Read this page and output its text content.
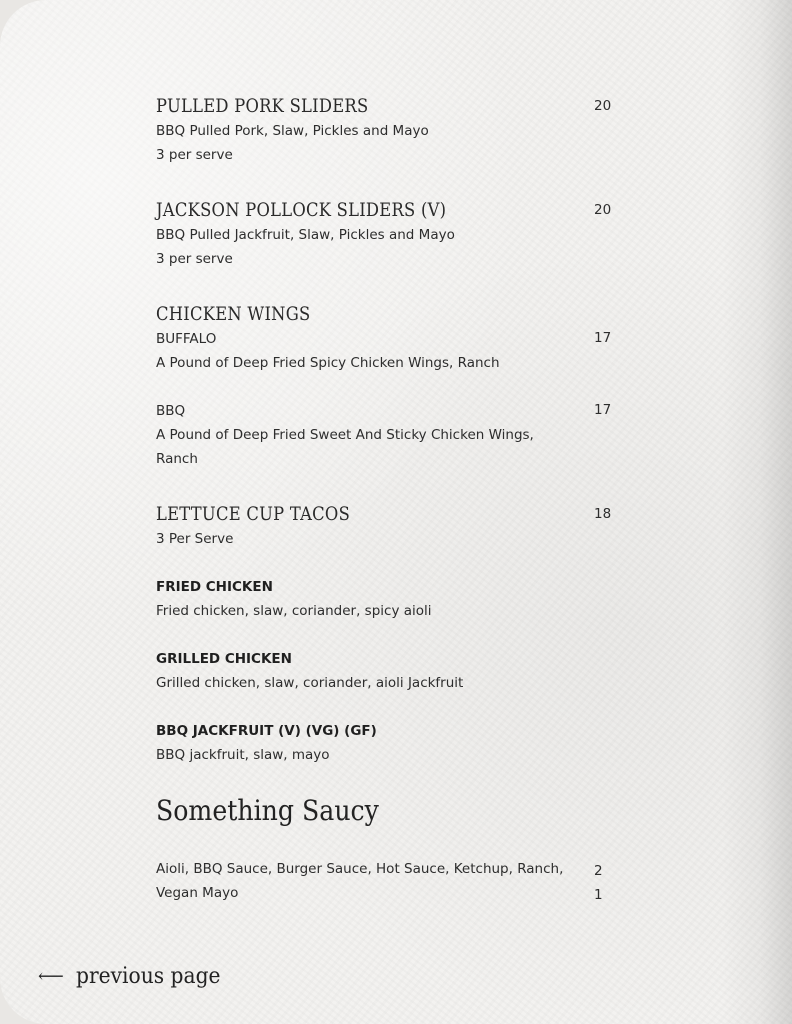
PULLED PORK SLIDERS	20
BBQ Pulled Pork, Slaw, Pickles and Mayo
3 per serve
JACKSON POLLOCK SLIDERS (V)	20
BBQ Pulled Jackfruit, Slaw, Pickles and Mayo
3 per serve
CHICKEN WINGS
BUFFALO	17
A Pound of Deep Fried Spicy Chicken Wings, Ranch
BBQ	17
A Pound of Deep Fried Sweet And Sticky Chicken Wings,
Ranch
LETTUCE CUP TACOS	18
3 Per Serve
FRIED CHICKEN
Fried chicken, slaw, coriander, spicy aioli
GRILLED CHICKEN
Grilled chicken, slaw, coriander, aioli Jackfruit
BBQ JACKFRUIT (V) (VG) (GF)
BBQ jackfruit, slaw, mayo
Something Saucy
Aioli, BBQ Sauce, Burger Sauce, Hot Sauce, Ketchup, Ranch, 2
Vegan Mayo	1
⟵ previous page
